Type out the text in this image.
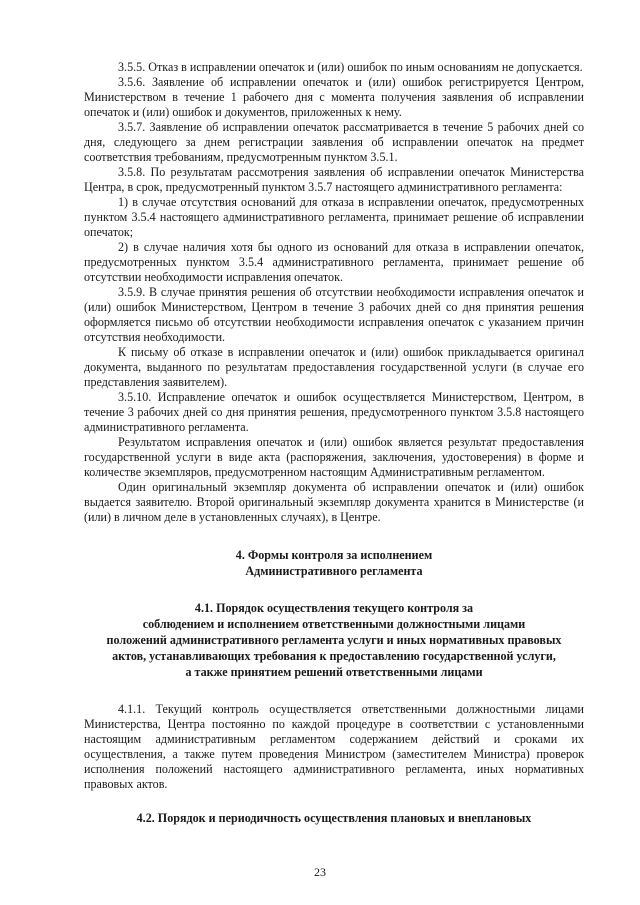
3.5.5. Отказ в исправлении опечаток и (или) ошибок по иным основаниям не допускается.

3.5.6. Заявление об исправлении опечаток и (или) ошибок регистрируется Центром, Министерством в течение 1 рабочего дня с момента получения заявления об исправлении опечаток и (или) ошибок и документов, приложенных к нему.

3.5.7. Заявление об исправлении опечаток рассматривается в течение 5 рабочих дней со дня, следующего за днем регистрации заявления об исправлении опечаток на предмет соответствия требованиям, предусмотренным пунктом 3.5.1.

3.5.8. По результатам рассмотрения заявления об исправлении опечаток Министерства Центра, в срок, предусмотренный пунктом 3.5.7 настоящего административного регламента:

1) в случае отсутствия оснований для отказа в исправлении опечаток, предусмотренных пунктом 3.5.4 настоящего административного регламента, принимает решение об исправлении опечаток;

2) в случае наличия хотя бы одного из оснований для отказа в исправлении опечаток, предусмотренных пунктом 3.5.4 административного регламента, принимает решение об отсутствии необходимости исправления опечаток.

3.5.9. В случае принятия решения об отсутствии необходимости исправления опечаток и (или) ошибок Министерством, Центром в течение 3 рабочих дней со дня принятия решения оформляется письмо об отсутствии необходимости исправления опечаток с указанием причин отсутствия необходимости.

К письму об отказе в исправлении опечаток и (или) ошибок прикладывается оригинал документа, выданного по результатам предоставления государственной услуги (в случае его представления заявителем).

3.5.10. Исправление опечаток и ошибок осуществляется Министерством, Центром, в течение 3 рабочих дней со дня принятия решения, предусмотренного пунктом 3.5.8 настоящего административного регламента.

Результатом исправления опечаток и (или) ошибок является результат предоставления государственной услуги в виде акта (распоряжения, заключения, удостоверения) в форме и количестве экземпляров, предусмотренном настоящим Административным регламентом.

Один оригинальный экземпляр документа об исправлении опечаток и (или) ошибок выдается заявителю. Второй оригинальный экземпляр документа хранится в Министерстве (и (или) в личном деле в установленных случаях), в Центре.

4. Формы контроля за исполнением

Административного регламента

4.1. Порядок осуществления текущего контроля за

соблюдением и исполнением ответственными должностными лицами

положений административного регламента услуги и иных нормативных правовых

актов, устанавливающих требования к предоставлению государственной услуги,

а также принятием решений ответственными лицами

4.1.1. Текущий контроль осуществляется ответственными должностными лицами Министерства, Центра постоянно по каждой процедуре в соответствии с установленными настоящим административным регламентом содержанием действий и сроками их осуществления, а также путем проведения Министром (заместителем Министра) проверок исполнения положений настоящего административного регламента, иных нормативных правовых актов.

4.2. Порядок и периодичность осуществления плановых и внеплановых

23
